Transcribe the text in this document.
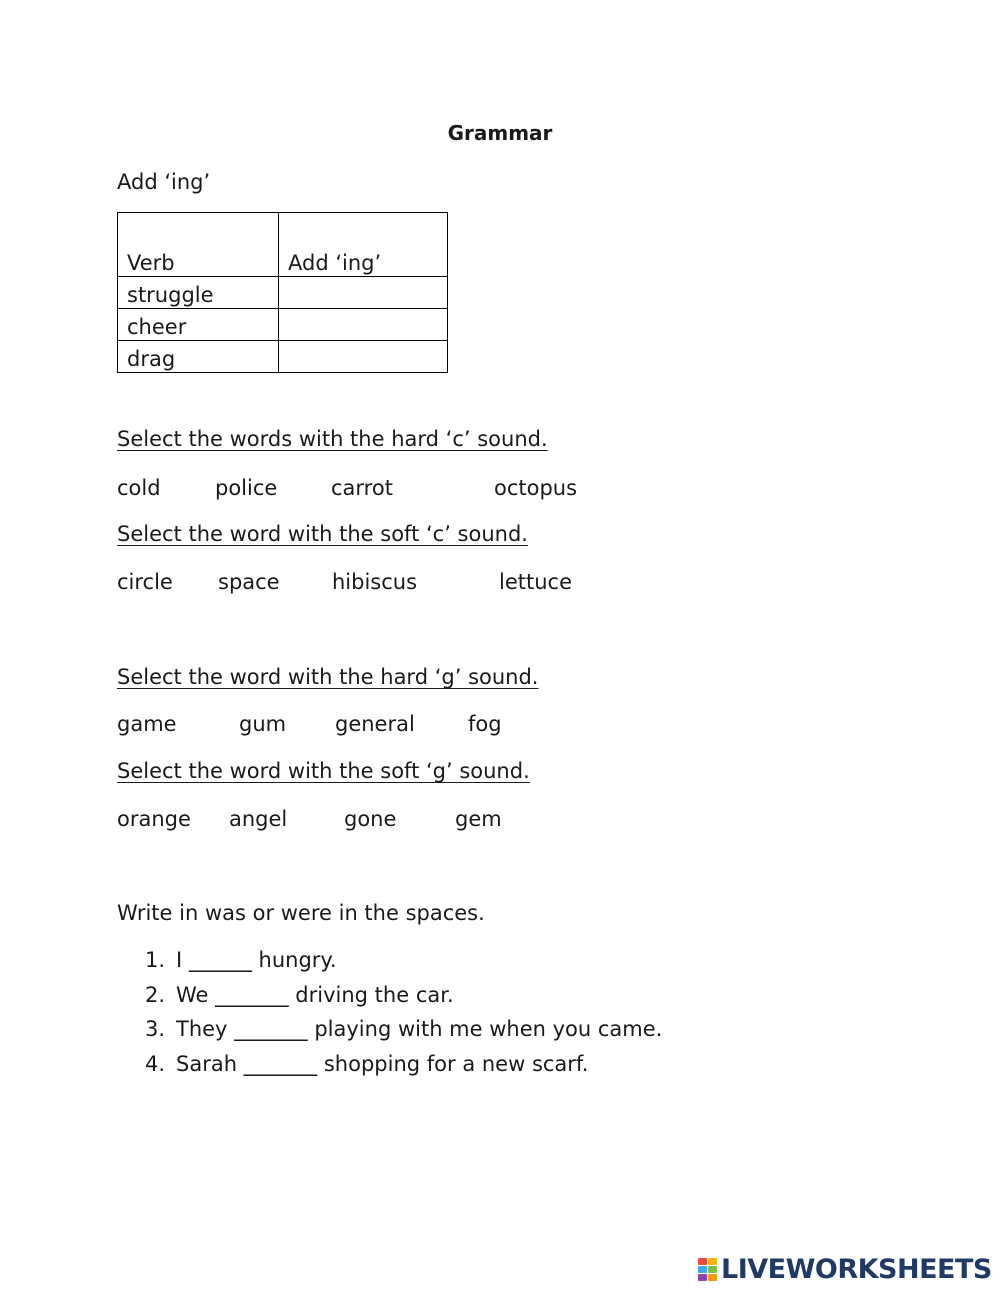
Grammar
Add ‘ing’
Verb	Add ‘ing’
struggle	
cheer	
drag	
Select the words with the hard ‘c’ sound.
cold	police	carrot	octopus
Select the word with the soft ‘c’ sound.
circle space hibiscus	lettuce
Select the word with the hard ‘g’ sound.
game	gum general	fog
Select the word with the soft ‘g’ sound.
orange angel	gone	gem
Write in was or were in the spaces.
1. I ______ hungry.
2. We _______ driving the car.
3. They _______ playing with me when you came.
4. Sarah _______ shopping for a new scarf.
LIVEWORKSHEETS
